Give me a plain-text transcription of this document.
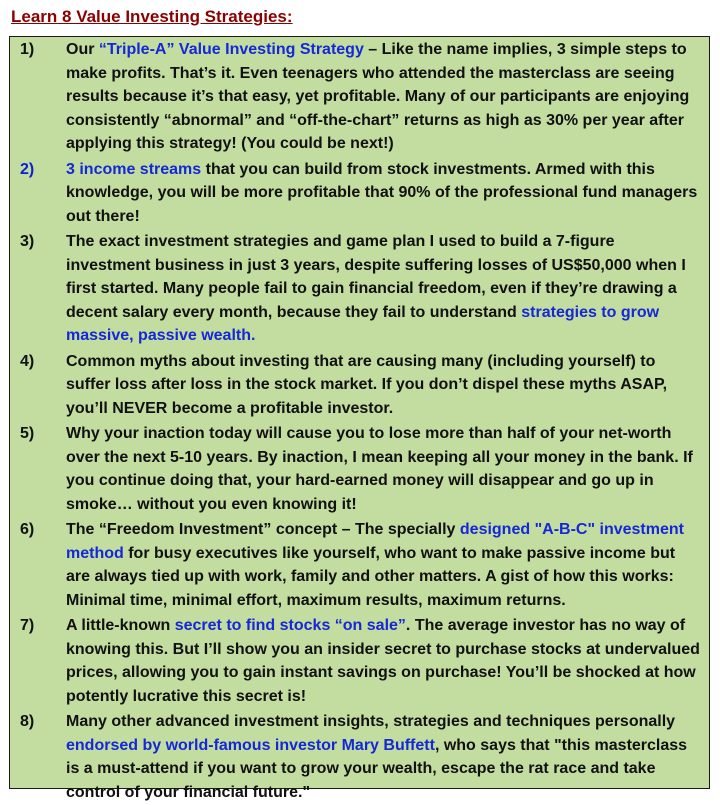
Learn 8 Value Investing Strategies:
1)	Our “Triple-A” Value Investing Strategy – Like the name implies, 3 simple steps to make profits. That’s it. Even teenagers who attended the masterclass are seeing results because it’s that easy, yet profitable. Many of our participants are enjoying consistently “abnormal” and “off-the-chart” returns as high as 30% per year after applying this strategy! (You could be next!)
2)	3 income streams that you can build from stock investments. Armed with this knowledge, you will be more profitable that 90% of the professional fund managers out there!
3)	The exact investment strategies and game plan I used to build a 7-figure investment business in just 3 years, despite suffering losses of US$50,000 when I first started. Many people fail to gain financial freedom, even if they’re drawing a decent salary every month, because they fail to understand strategies to grow massive, passive wealth.
4)	Common myths about investing that are causing many (including yourself) to suffer loss after loss in the stock market. If you don’t dispel these myths ASAP, you’ll NEVER become a profitable investor.
5)	Why your inaction today will cause you to lose more than half of your net-worth over the next 5-10 years. By inaction, I mean keeping all your money in the bank. If you continue doing that, your hard-earned money will disappear and go up in smoke… without you even knowing it!
6)	The “Freedom Investment” concept – The specially designed "A-B-C" investment method for busy executives like yourself, who want to make passive income but are always tied up with work, family and other matters. A gist of how this works: Minimal time, minimal effort, maximum results, maximum returns.
7)	A little-known secret to find stocks “on sale”. The average investor has no way of knowing this. But I’ll show you an insider secret to purchase stocks at undervalued prices, allowing you to gain instant savings on purchase! You’ll be shocked at how potently lucrative this secret is!
8)	Many other advanced investment insights, strategies and techniques personally endorsed by world-famous investor Mary Buffett, who says that "this masterclass is a must-attend if you want to grow your wealth, escape the rat race and take control of your financial future."
